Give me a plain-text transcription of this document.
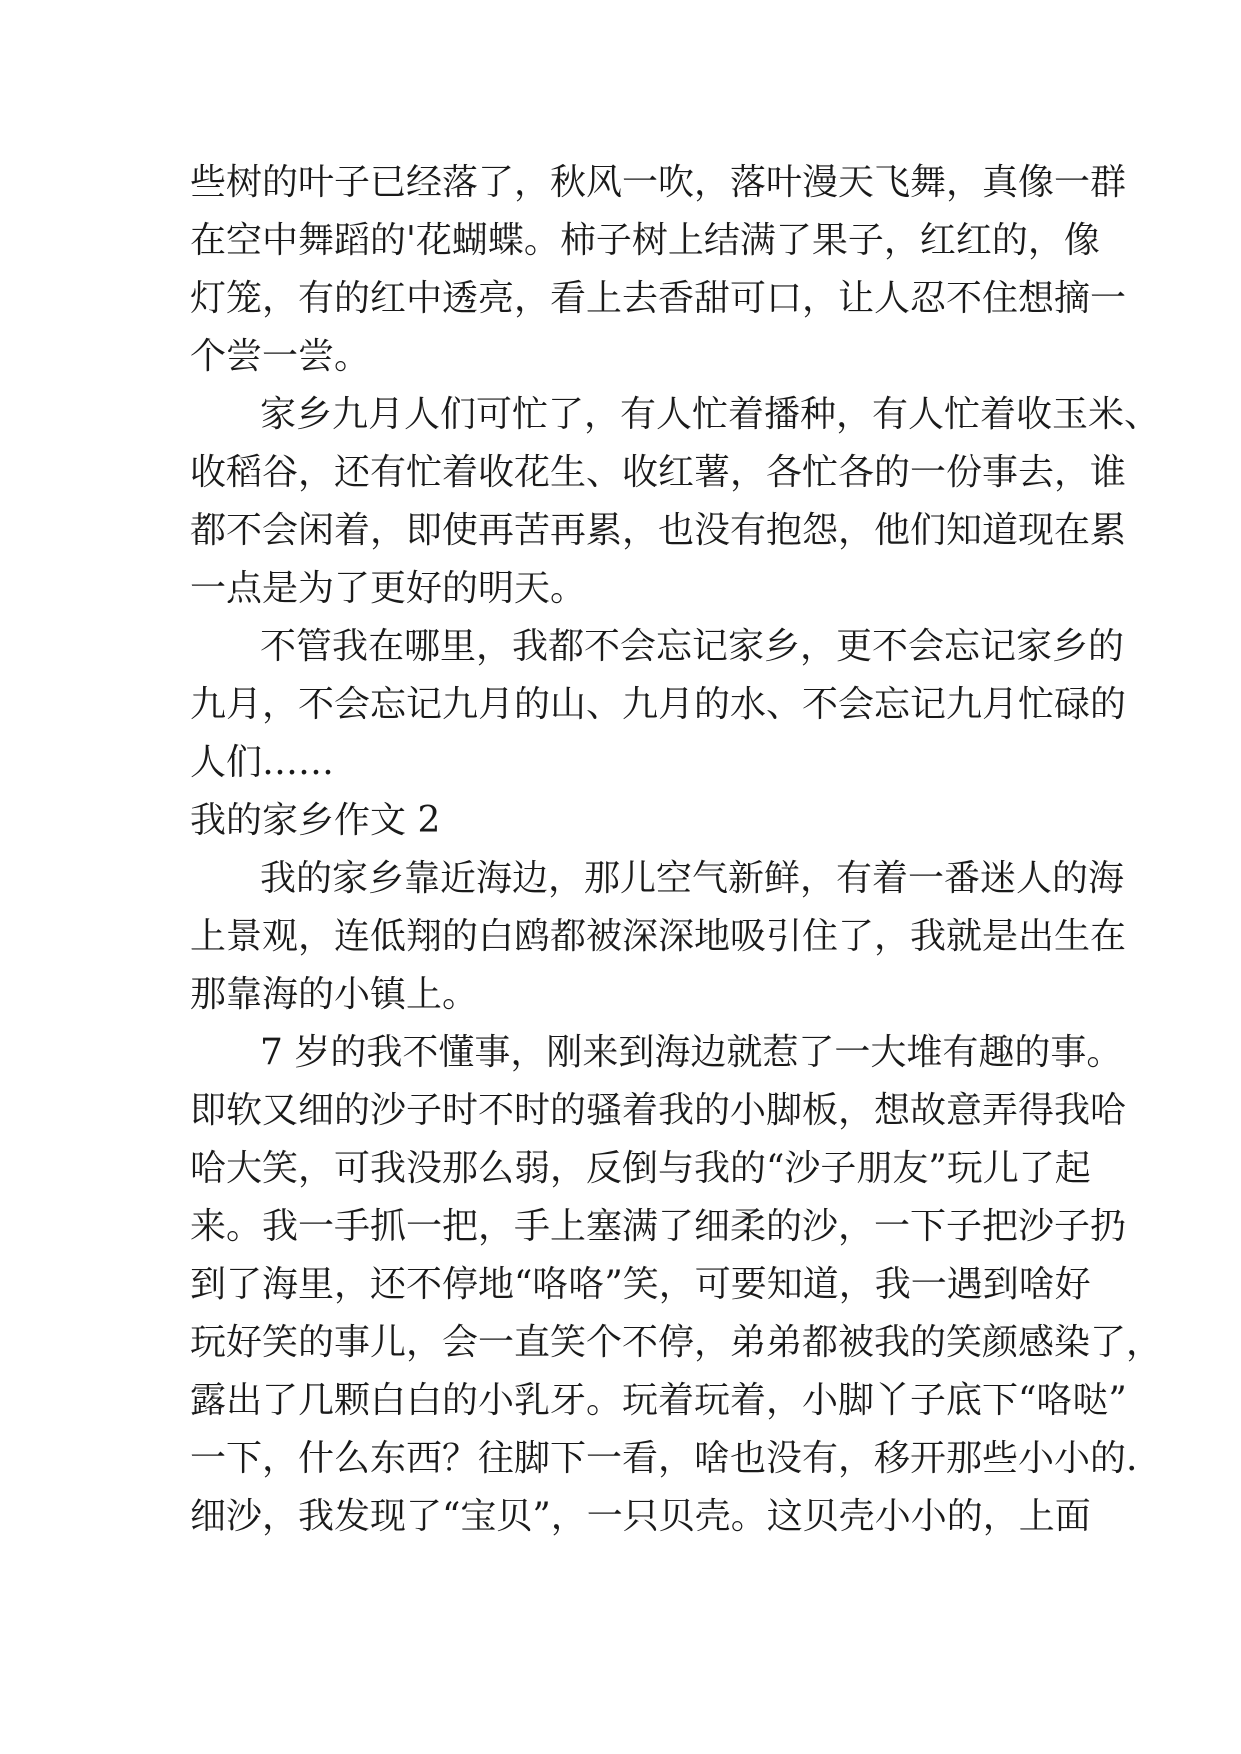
些树的叶子已经落了，秋风一吹，落叶漫天飞舞，真像一群
在空中舞蹈的'花蝴蝶。柿子树上结满了果子，红红的，像
灯笼，有的红中透亮，看上去香甜可口，让人忍不住想摘一
个尝一尝。
家乡九月人们可忙了，有人忙着播种，有人忙着收玉米、
收稻谷，还有忙着收花生、收红薯，各忙各的一份事去，谁
都不会闲着，即使再苦再累，也没有抱怨，他们知道现在累
一点是为了更好的明天。
不管我在哪里，我都不会忘记家乡，更不会忘记家乡的
九月，不会忘记九月的山、九月的水、不会忘记九月忙碌的
人们……
我的家乡作文 2
我的家乡靠近海边，那儿空气新鲜，有着一番迷人的海
上景观，连低翔的白鸥都被深深地吸引住了，我就是出生在
那靠海的小镇上。
7 岁的我不懂事，刚来到海边就惹了一大堆有趣的事。
即软又细的沙子时不时的骚着我的小脚板，想故意弄得我哈
哈大笑，可我没那么弱，反倒与我的“沙子朋友”玩儿了起
来。我一手抓一把，手上塞满了细柔的沙，一下子把沙子扔
到了海里，还不停地“咯咯”笑，可要知道，我一遇到啥好
玩好笑的事儿，会一直笑个不停，弟弟都被我的笑颜感染了，
露出了几颗白白的小乳牙。玩着玩着，小脚丫子底下“咯哒”
一下，什么东西？往脚下一看，啥也没有，移开那些小小的.
细沙，我发现了“宝贝”，一只贝壳。这贝壳小小的，上面
